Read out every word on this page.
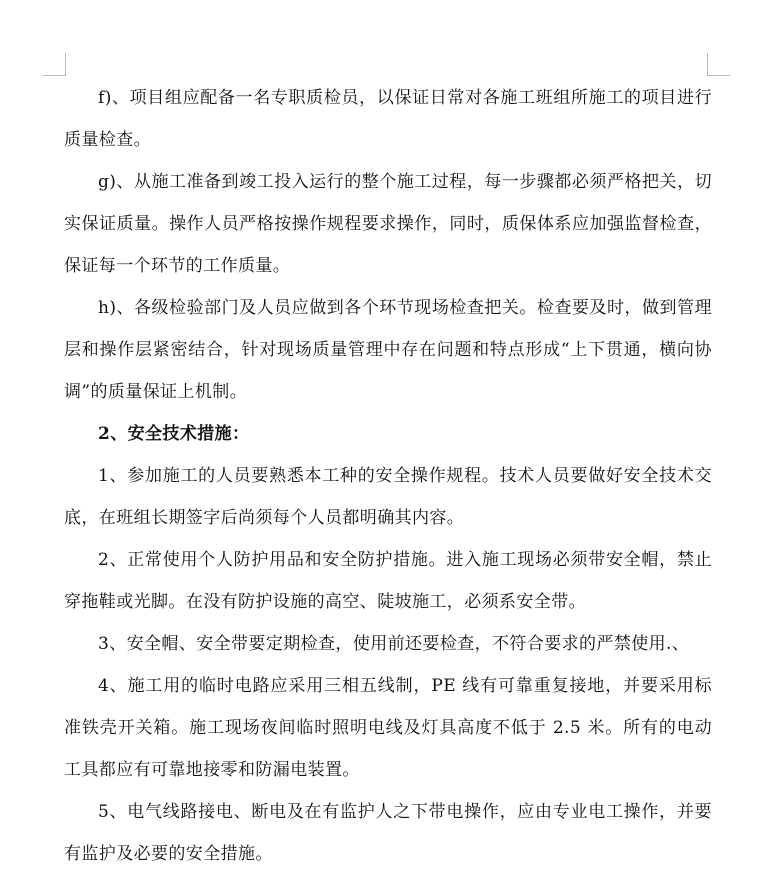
f)、项目组应配备一名专职质检员，以保证日常对各施工班组所施工的项目进行质量检查。

g)、从施工准备到竣工投入运行的整个施工过程，每一步骤都必须严格把关，切实保证质量。操作人员严格按操作规程要求操作，同时，质保体系应加强监督检查，保证每一个环节的工作质量。

h)、各级检验部门及人员应做到各个环节现场检查把关。检查要及时，做到管理层和操作层紧密结合，针对现场质量管理中存在问题和特点形成“上下贯通，横向协调”的质量保证上机制。

2、安全技术措施：

1、参加施工的人员要熟悉本工种的安全操作规程。技术人员要做好安全技术交底，在班组长期签字后尚须每个人员都明确其内容。

2、正常使用个人防护用品和安全防护措施。进入施工现场必须带安全帽，禁止穿拖鞋或光脚。在没有防护设施的高空、陡坡施工，必须系安全带。

3、安全帽、安全带要定期检查，使用前还要检查，不符合要求的严禁使用.、

4、施工用的临时电路应采用三相五线制，PE 线有可靠重复接地，并要采用标准铁壳开关箱。施工现场夜间临时照明电线及灯具高度不低于 2.5 米。所有的电动工具都应有可靠地接零和防漏电装置。

5、电气线路接电、断电及在有监护人之下带电操作，应由专业电工操作，并要有监护及必要的安全措施。
